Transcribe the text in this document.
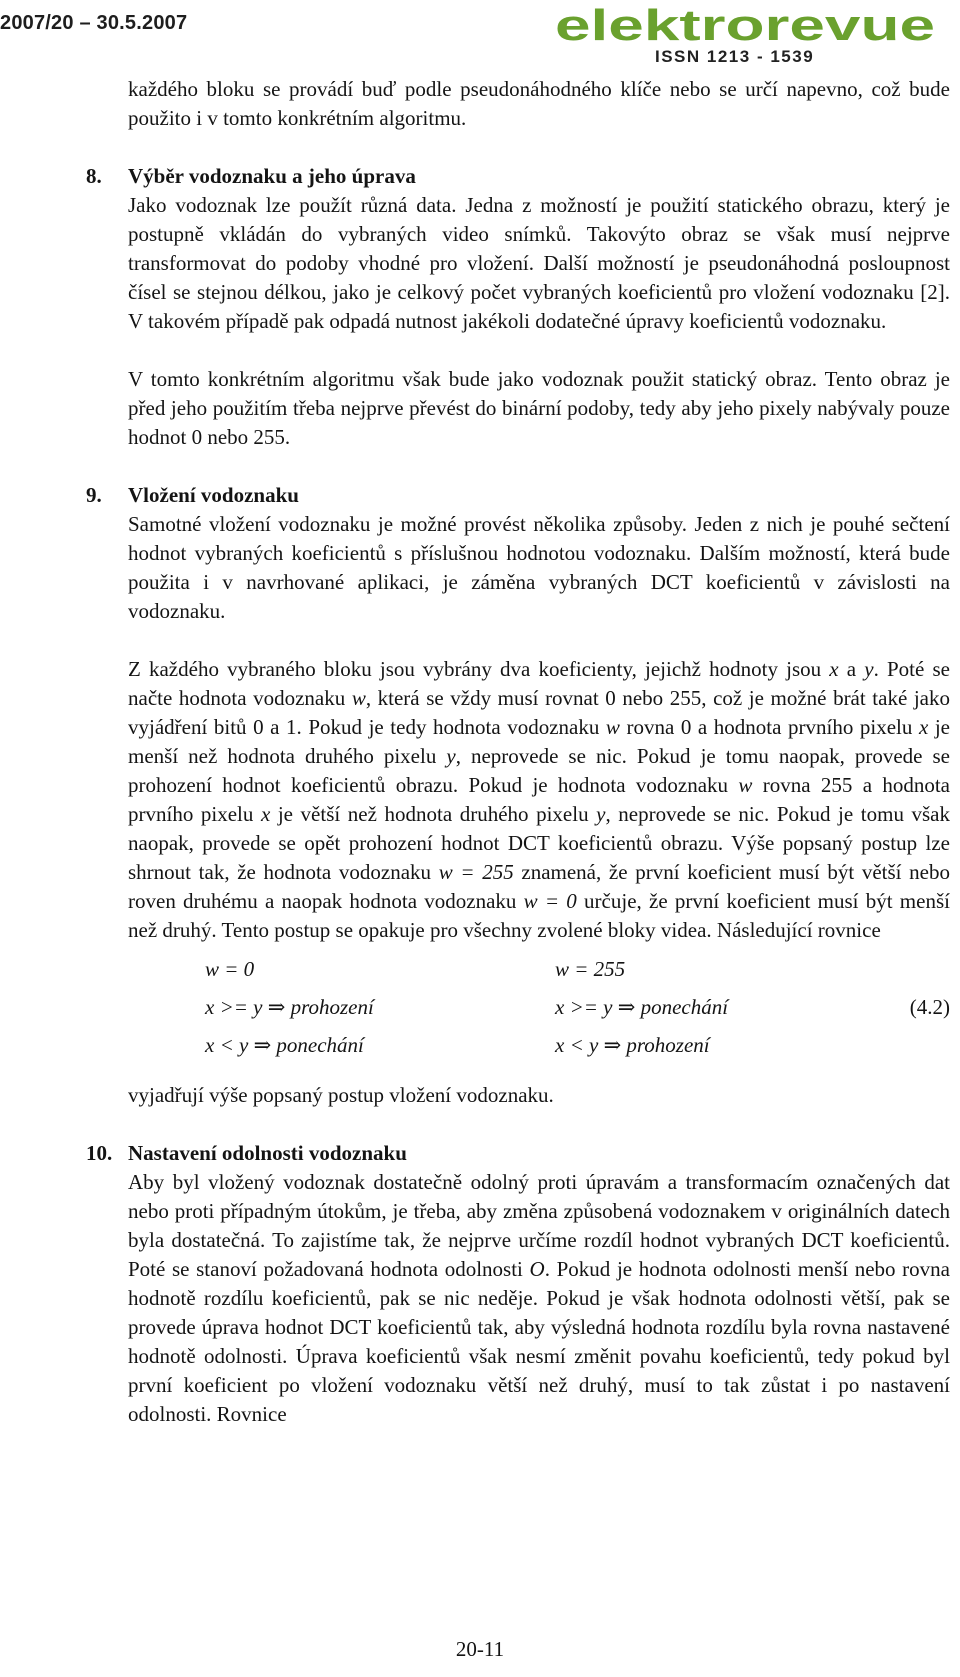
2007/20 – 30.5.2007	elektrorevue
ISSN 1213 - 1539

každého bloku se provádí buď podle pseudonáhodného klíče nebo se určí napevno, což bude použito i v tomto konkrétním algoritmu.

8.	Výběr vodoznaku a jeho úprava

Jako vodoznak lze použít různá data. Jedna z možností je použití statického obrazu, který je postupně vkládán do vybraných video snímků. Takovýto obraz se však musí nejprve transformovat do podoby vhodné pro vložení. Další možností je pseudonáhodná posloupnost čísel se stejnou délkou, jako je celkový počet vybraných koeficientů pro vložení vodoznaku [2]. V takovém případě pak odpadá nutnost jakékoli dodatečné úpravy koeficientů vodoznaku.

V tomto konkrétním algoritmu však bude jako vodoznak použit statický obraz. Tento obraz je před jeho použitím třeba nejprve převést do binární podoby, tedy aby jeho pixely nabývaly pouze hodnot 0 nebo 255.

9.	Vložení vodoznaku

Samotné vložení vodoznaku je možné provést několika způsoby. Jeden z nich je pouhé sečtení hodnot vybraných koeficientů s příslušnou hodnotou vodoznaku. Dalším možností, která bude použita i v navrhované aplikaci, je záměna vybraných DCT koeficientů v závislosti na vodoznaku.

Z každého vybraného bloku jsou vybrány dva koeficienty, jejichž hodnoty jsou x a y. Poté se načte hodnota vodoznaku w, která se vždy musí rovnat 0 nebo 255, což je možné brát také jako vyjádření bitů 0 a 1. Pokud je tedy hodnota vodoznaku w rovna 0 a hodnota prvního pixelu x je menší než hodnota druhého pixelu y, neprovede se nic. Pokud je tomu naopak, provede se prohození hodnot koeficientů obrazu. Pokud je hodnota vodoznaku w rovna 255 a hodnota prvního pixelu x je větší než hodnota druhého pixelu y, neprovede se nic. Pokud je tomu však naopak, provede se opět prohození hodnot DCT koeficientů obrazu. Výše popsaný postup lze shrnout tak, že hodnota vodoznaku w = 255 znamená, že první koeficient musí být větší nebo roven druhému a naopak hodnota vodoznaku w = 0 určuje, že první koeficient musí být menší než druhý. Tento postup se opakuje pro všechny zvolené bloky videa. Následující rovnice

w = 0
x >= y ⇒ prohození
x < y ⇒ ponechání
w = 255
x >= y ⇒ ponechání
x < y ⇒ prohození
(4.2)

vyjadřují výše popsaný postup vložení vodoznaku.

10. Nastavení odolnosti vodoznaku

Aby byl vložený vodoznak dostatečně odolný proti úpravám a transformacím označených dat nebo proti případným útokům, je třeba, aby změna způsobená vodoznakem v originálních datech byla dostatečná. To zajistíme tak, že nejprve určíme rozdíl hodnot vybraných DCT koeficientů. Poté se stanoví požadovaná hodnota odolnosti O. Pokud je hodnota odolnosti menší nebo rovna hodnotě rozdílu koeficientů, pak se nic neděje. Pokud je však hodnota odolnosti větší, pak se provede úprava hodnot DCT koeficientů tak, aby výsledná hodnota rozdílu byla rovna nastavené hodnotě odolnosti. Úprava koeficientů však nesmí změnit povahu koeficientů, tedy pokud byl první koeficient po vložení vodoznaku větší než druhý, musí to tak zůstat i po nastavení odolnosti. Rovnice

20-11
